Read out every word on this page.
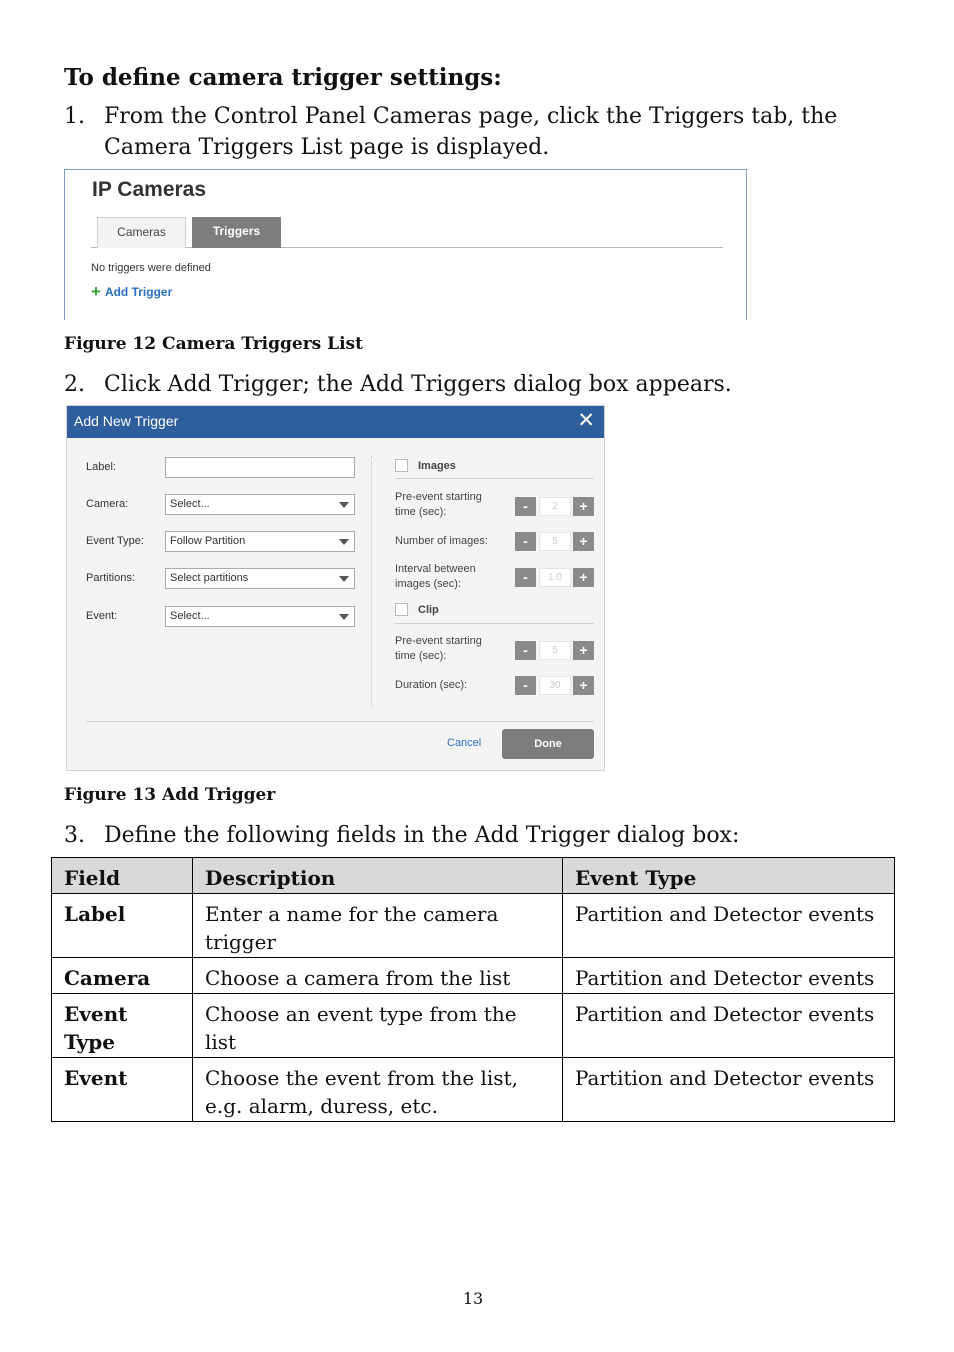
To define camera trigger settings:
1. From the Control Panel Cameras page, click the Triggers tab, the Camera Triggers List page is displayed.
IP Cameras
Cameras	Triggers
No triggers were defined
+ Add Trigger
Figure 12 Camera Triggers List
2. Click Add Trigger; the Add Triggers dialog box appears.
Add New Trigger	✕
Label:
Camera:	Select...
Event Type:	Follow Partition
Partitions:	Select partitions
Event:	Select...
Images
Pre-event starting time (sec):	-	2	+
Number of images:	-	5	+
Interval between images (sec):	-	1.0	+
Clip
Pre-event starting time (sec):	-	5	+
Duration (sec):	-	30	+
Cancel	Done
Figure 13 Add Trigger
3. Define the following fields in the Add Trigger dialog box:
Field	Description	Event Type
Label	Enter a name for the camera trigger	Partition and Detector events
Camera	Choose a camera from the list	Partition and Detector events
Event Type	Choose an event type from the list	Partition and Detector events
Event	Choose the event from the list, e.g. alarm, duress, etc.	Partition and Detector events
13
